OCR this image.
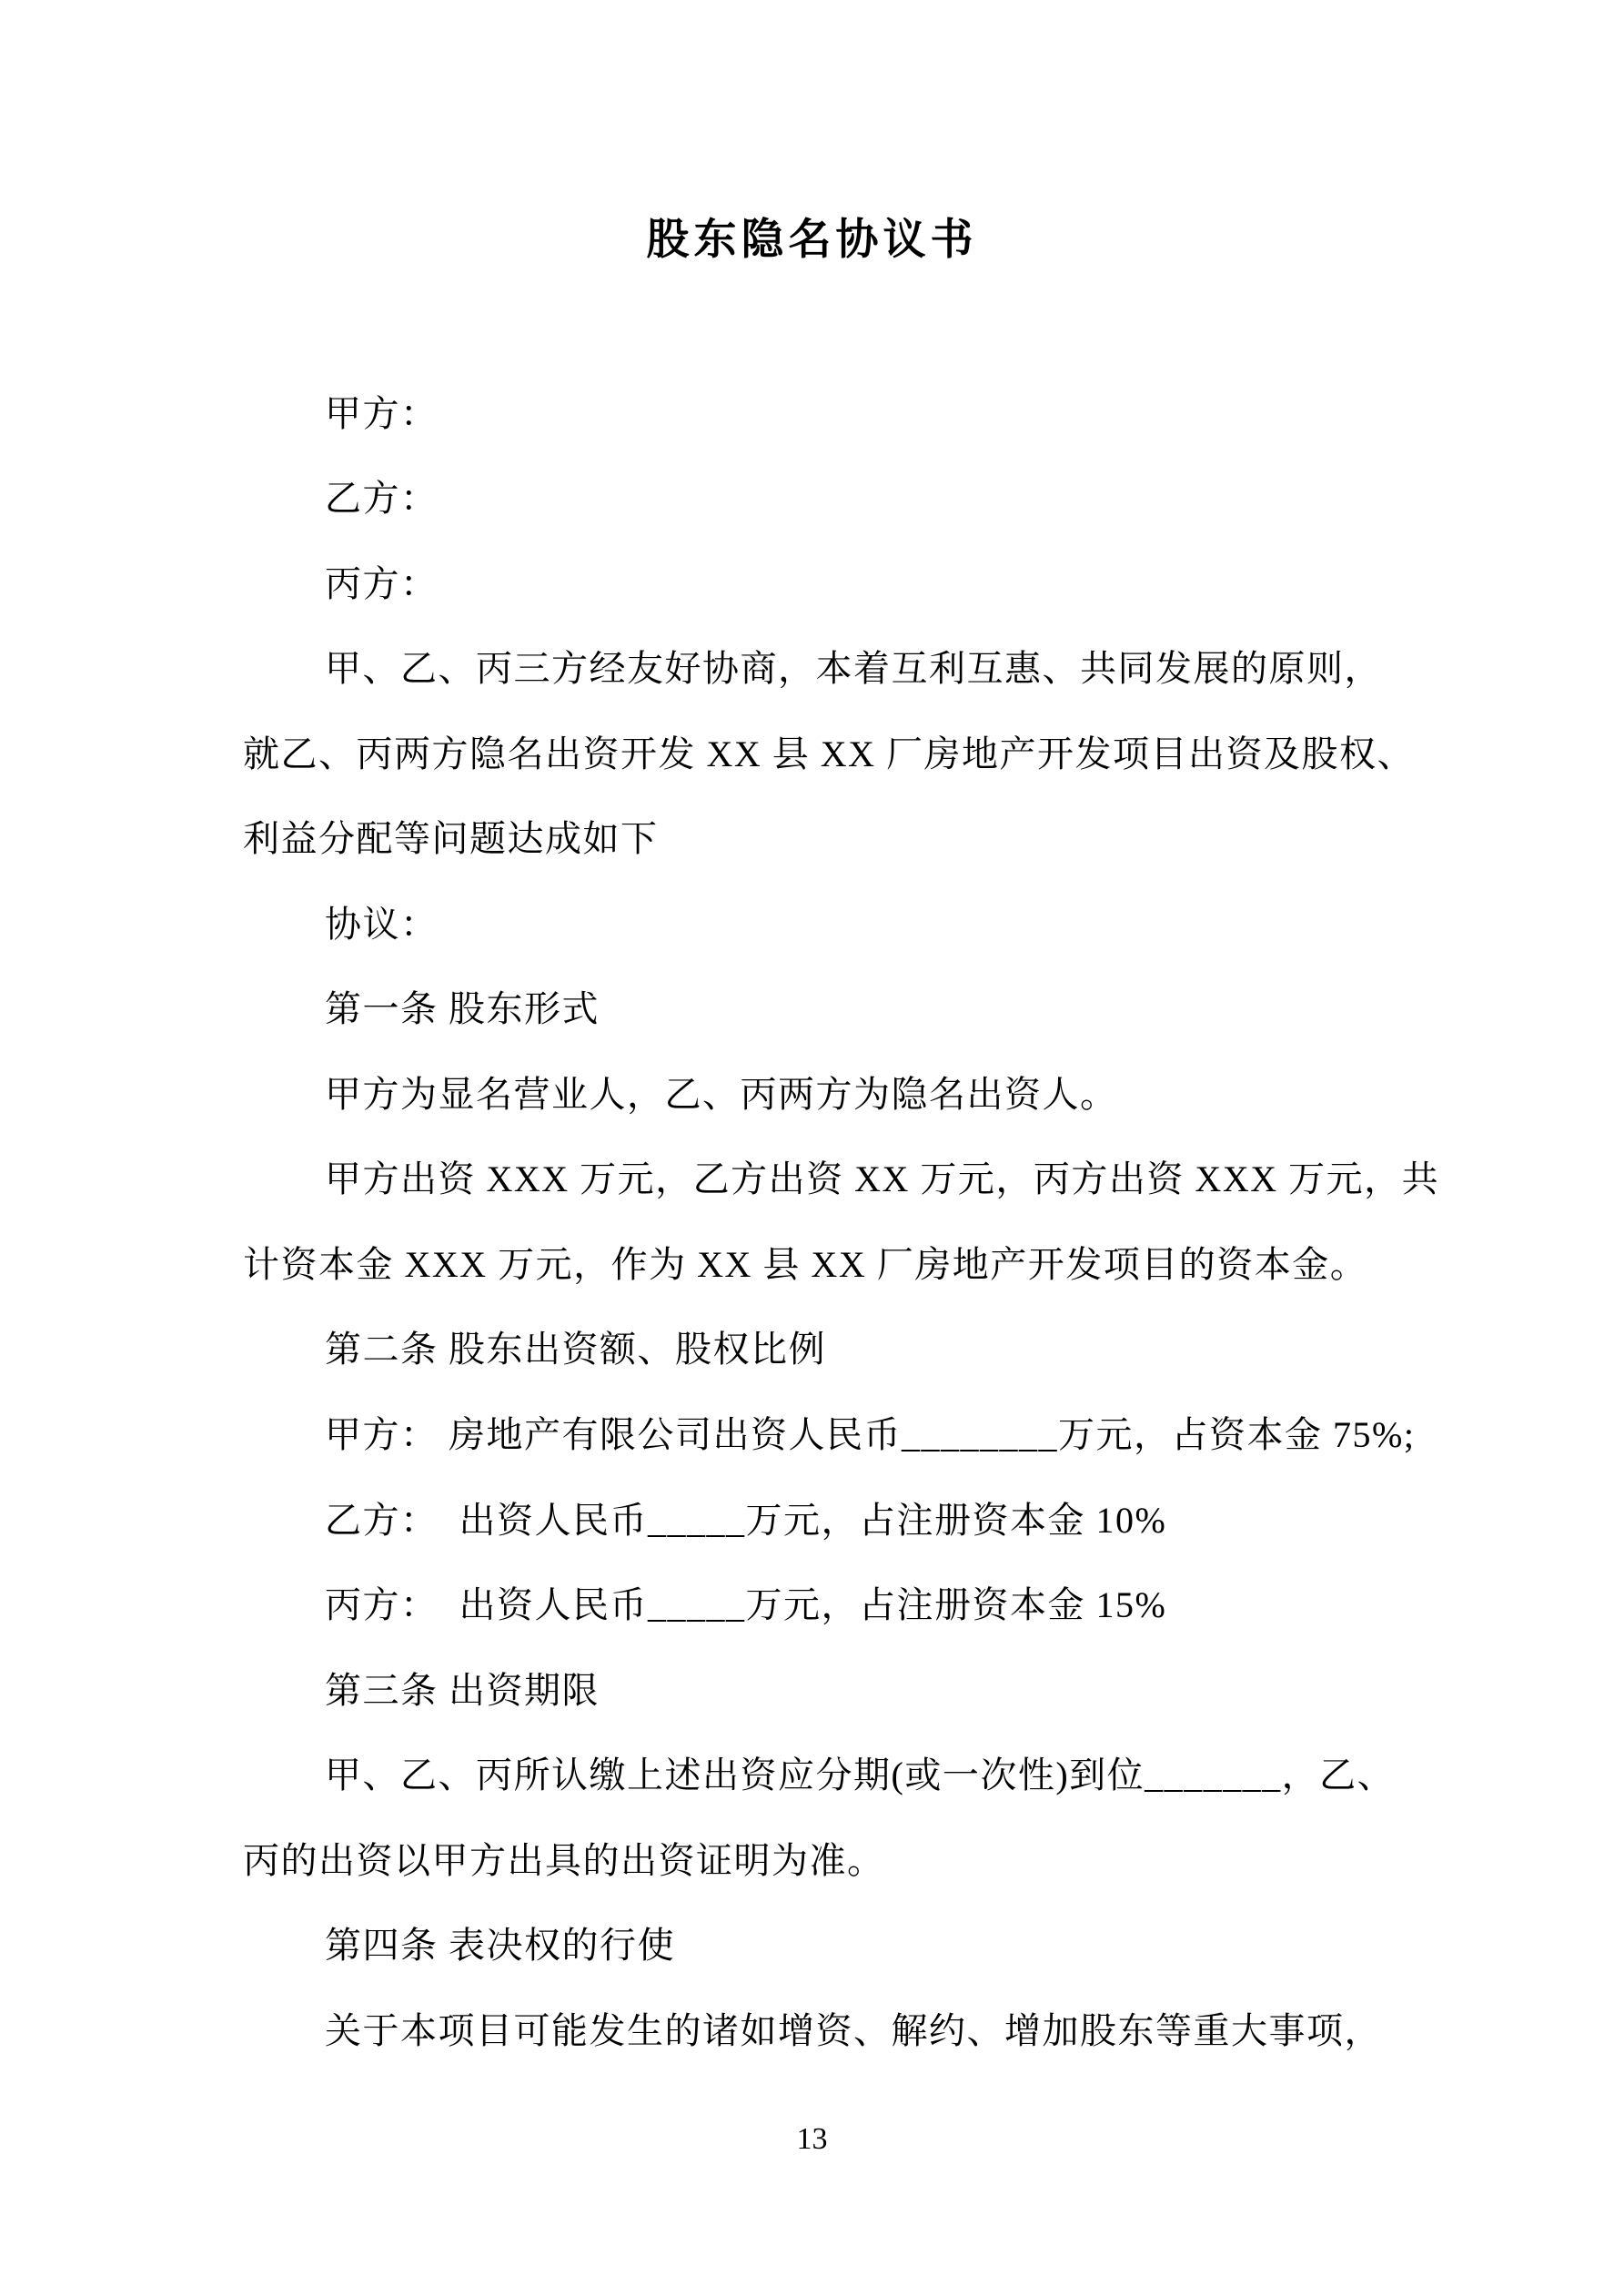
股东隐名协议书
甲方：
乙方：
丙方：
甲、乙、丙三方经友好协商，本着互利互惠、共同发展的原则，
就乙、丙两方隐名出资开发 XX 县 XX 厂房地产开发项目出资及股权、
利益分配等问题达成如下
协议：
第一条 股东形式
甲方为显名营业人，乙、丙两方为隐名出资人。
甲方出资 XXX 万元，乙方出资 XX 万元，丙方出资 XXX 万元，共
计资本金 XXX 万元，作为 XX 县 XX 厂房地产开发项目的资本金。
第二条 股东出资额、股权比例
甲方： 房地产有限公司出资人民币________万元，占资本金 75%;
乙方：  出资人民币_____万元，占注册资本金 10%
丙方：  出资人民币_____万元，占注册资本金 15%
第三条 出资期限
甲、乙、丙所认缴上述出资应分期(或一次性)到位_______，乙、
丙的出资以甲方出具的出资证明为准。
第四条 表决权的行使
关于本项目可能发生的诸如增资、解约、增加股东等重大事项，
13
